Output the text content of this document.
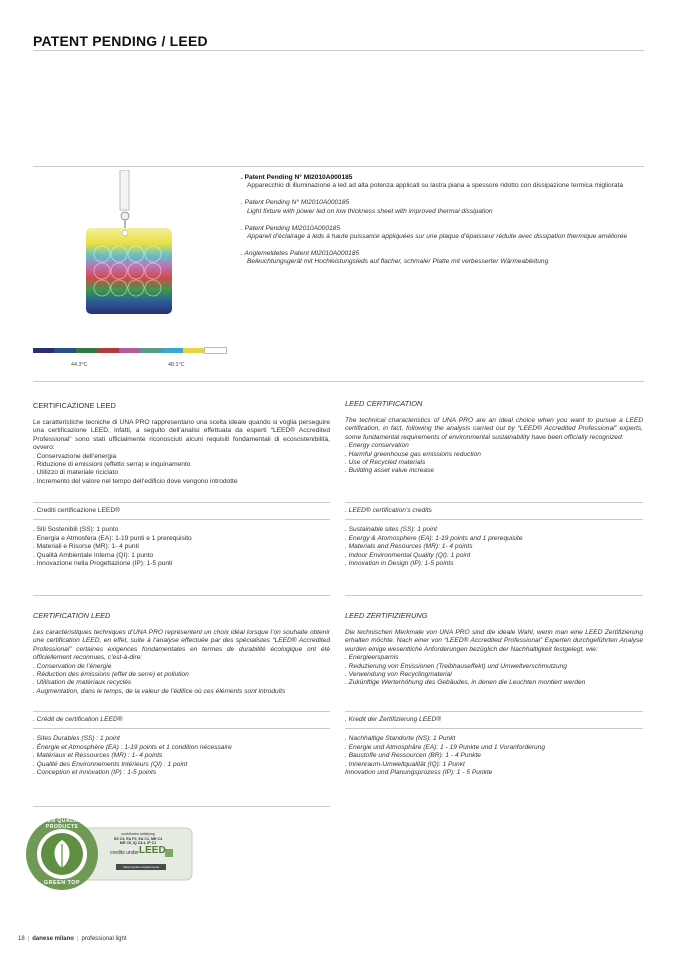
PATENT PENDING / LEED
44.3°C	48.1°C

. Patent Pending N° MI2010A000185

Apparecchio di illuminazione a led ad alta potenza applicati su lastra piana a spessore ridotto con dissipazione termica migliorata

. Patent Pending N° MI2010A000185

Light fixture with power led on low thickness sheet with improved thermal dissipation

. Patent Pending MI2010A000185

Appareil d’éclairage à leds à haute puissance appliquées sur une plaque d’épaisseur réduite avec dissipation thermique améliorée

. Anglemeldetes Patent MI2010A000185

Beleuchtungsgerät mit Hochleistungsleds auf flacher, schmaler Platte mit verbesserter Wärmeableitung

CERTIFICAZIONE LEED

Le caratteristiche tecniche di UNA PRO rappresentano una scelta ideale quando si voglia perseguire una certificazione LEED, infatti, a seguito dell’analisi effettuata da esperti “LEED® Accredited Professional” sono stati ufficialmente riconosciuti alcuni requisiti fondamentali di ecosostenibilità, ovvero:

. Conservazione dell’energia

. Riduzione di emissioni (effetto serra) e inquinamento

. Utilizzo di materiale riciclato

. Incremento del valore nel tempo dell’edificio dove vengono introdotte

. Crediti certificazione LEED®

. Siti Sostenibili (SS): 1 punto

. Energia e Atmosfera (EA): 1-19 punti e 1 prerequisito

. Materiali e Risorse (MR): 1- 4 punti

. Qualità Ambientale Interna (QI): 1 punto

. Innovazione nella Progettazione (IP): 1-5 punti

LEED CERTIFICATION

The technical characteristics of UNA PRO are an ideal choice when you want to pursue a LEED certification, in fact, following the analysis carried out by “LEED® Accredited Professional” experts, some fundamental requirements of environmental sustainability have been officially recognized:

. Energy conservation

. Harmful greenhouse gas emissions reduction

. Use of Recycled materials

. Building asset value increase

. LEED® certification’s credits

. Sustainable sites (SS): 1 point

. Energy & Atomosphere (EA): 1-19 points and 1 prerequisite

. Materials and Resources (MR): 1- 4 points

. Indoor Environmental Quality (QI): 1 point

. Innovation in Design (IP): 1-5 points

CERTIFICATION LEED

Les caractéristiques techniques d’UNA PRO représentent un choix idéal lorsque l’on souhaite obtenir une certification LEED, en effet, suite à l’analyse effectuée par des spécialistes “LEED® Accredited Professional” certaines exigences fondamentales en termes de durabilité écologique ont été officiellement reconnues, c’est-à-dire:

. Conservation de l’énergie

. Réduction des émissions (effet de serre) et pollution

. Utilisation de matériaux recyclés

. Augmentation, dans le temps, de la valeur de l’édifice où ces éléments sont introduits

. Crédit de certification LEED®

. Sites Durables (SS) : 1 point

. Énergie et Atmosphère (EA) : 1-19 points et 1 condition nécessaire

. Matériaux et Ressources (MR) : 1- 4 points

. Qualité des Environnements Intérieurs (QI) : 1 point

. Conception et innovation (IP) : 1-5 points

LEED ZERTIFIZIERUNG

Die technischen Merkmale von UNA PRO sind die ideale Wahl, wenn man eine LEED Zertifizierung erhalten möchte. Nach einer von “LEED® Accredited Professional” Experten durchgeführten Analyse wurden einige wesentliche Anforderungen bezüglich der Nachhaltigkeit festgelegt, wie:

. Energieersparnis

. Reduzierung von Emissionen (Treibhauseffekt) und Umweltverschmutzung

. Verwendung von Recyclingmaterial

. Zukünftige Werterhöhung des Gebäudes, in denen die Leuchten montiert werden

. Kredit der Zertifizierung LEED®

. Nachhaltige Standorte (NS): 1 Punkt

. Energie und Atmosphäre (EA): 1 - 19 Punkte und 1 Voranforderung

. Baustoffe und Ressourcen (BR): 1 - 4 Punkte

. Innenraum-Umweltqualität (IQ): 1 Punkt

Innovation und Planungsprozess (IP): 1 - 5 Punkte

GREEN QUALIFIED PRODUCTS
GREEN TOP
contributes satisfying
SS C3, EA P2, EA C1, MR C4
MR C5, IQ C8.1, IP C1
credits under LEED
rating system requirements
18 | danese milano | professional light
